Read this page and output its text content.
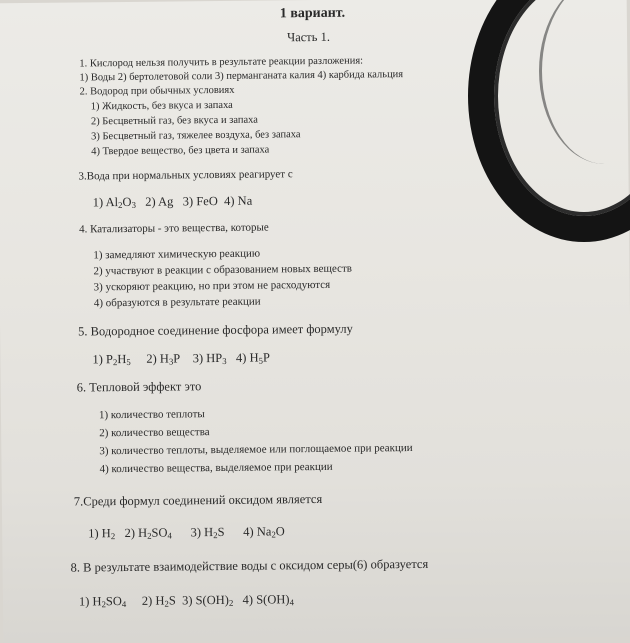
1 вариант.
Часть 1.
1. Кислород нельзя получить в результате реакции разложения:
1) Воды 2) бертолетовой соли 3) перманганата калия 4) карбида кальция
2. Водород при обычных условиях
1) Жидкость, без вкуса и запаха
2) Бесцветный газ, без вкуса и запаха
3) Бесцветный газ, тяжелее воздуха, без запаха
4) Твердое вещество, без цвета и запаха
3.Вода при нормальных условиях реагирует с
1) $Al_2O_3$ 2) Ag 3) FeO 4) Na
4. Катализаторы - это вещества, которые
1) замедляют химическую реакцию
2) участвуют в реакции с образованием новых веществ
3) ускоряют реакцию, но при этом не расходуются
4) образуются в результате реакции
5. Водородное соединение фосфора имеет формулу
1) $P_2H_5$ 2) $H_3P$ 3) $HP_3$ 4) $H_5P$
6. Тепловой эффект это
1) количество теплоты
2) количество вещества
3) количество теплоты, выделяемое или поглощаемое при реакции
4) количество вещества, выделяемое при реакции
7.Среди формул соединений оксидом является
1) $H_2$ 2) $H_2SO_4$ 3) $H_2S$ 4) $Na_2O$
8. В результате взаимодействие воды с оксидом серы(6) образуется
1) $H_2SO_4$ 2) $H_2S$ 3) $S(OH)_2$ 4) $S(OH)_4$
